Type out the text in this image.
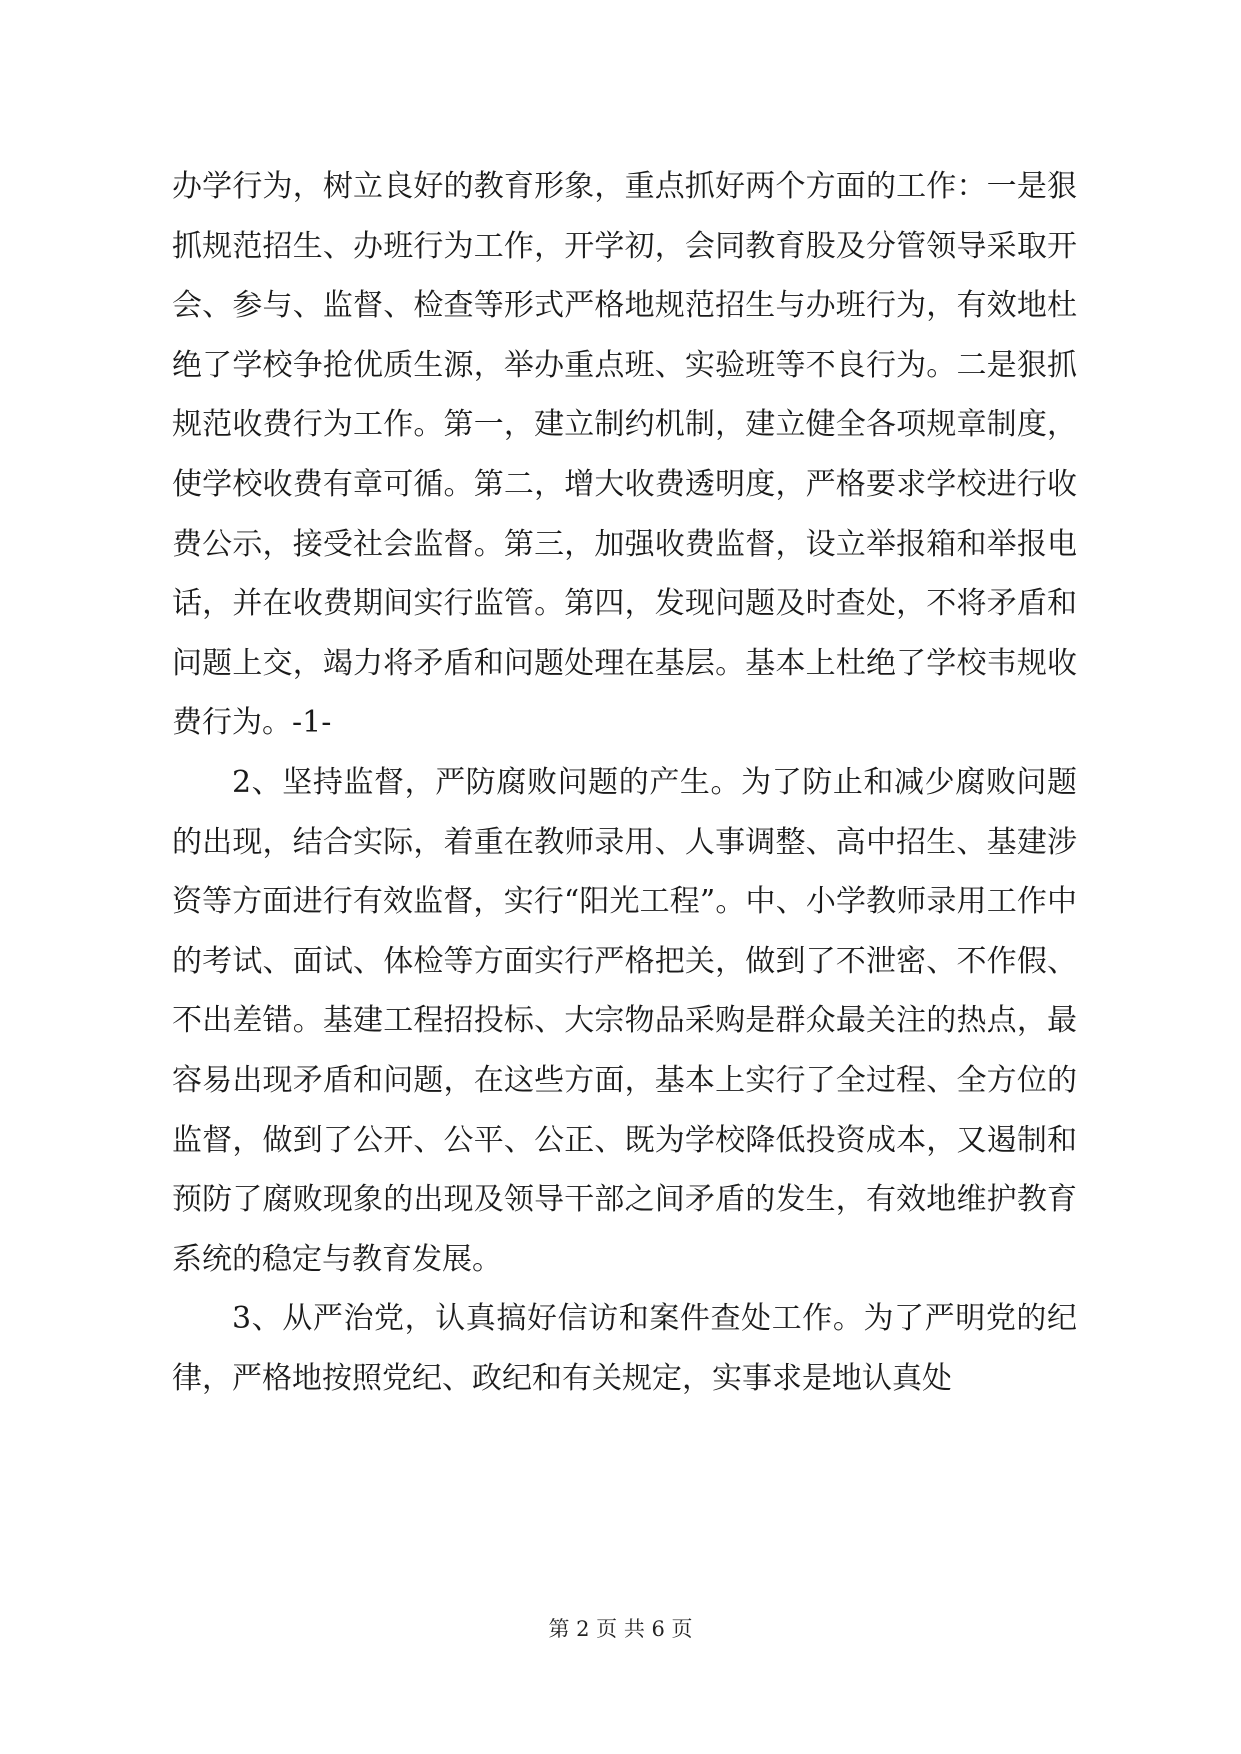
办学行为，树立良好的教育形象，重点抓好两个方面的工作：一是狠抓规范招生、办班行为工作，开学初，会同教育股及分管领导采取开会、参与、监督、检查等形式严格地规范招生与办班行为，有效地杜绝了学校争抢优质生源，举办重点班、实验班等不良行为。二是狠抓规范收费行为工作。第一，建立制约机制，建立健全各项规章制度，使学校收费有章可循。第二，增大收费透明度，严格要求学校进行收费公示，接受社会监督。第三，加强收费监督，设立举报箱和举报电话，并在收费期间实行监管。第四，发现问题及时查处，不将矛盾和问题上交，竭力将矛盾和问题处理在基层。基本上杜绝了学校韦规收费行为。-1-

2、坚持监督，严防腐败问题的产生。为了防止和减少腐败问题的出现，结合实际，着重在教师录用、人事调整、高中招生、基建涉资等方面进行有效监督，实行“阳光工程”。中、小学教师录用工作中的考试、面试、体检等方面实行严格把关，做到了不泄密、不作假、不出差错。基建工程招投标、大宗物品采购是群众最关注的热点，最容易出现矛盾和问题，在这些方面，基本上实行了全过程、全方位的监督，做到了公开、公平、公正、既为学校降低投资成本，又遏制和预防了腐败现象的出现及领导干部之间矛盾的发生，有效地维护教育系统的稳定与教育发展。

3、从严治党，认真搞好信访和案件查处工作。为了严明党的纪律，严格地按照党纪、政纪和有关规定，实事求是地认真处

第 2 页 共 6 页
